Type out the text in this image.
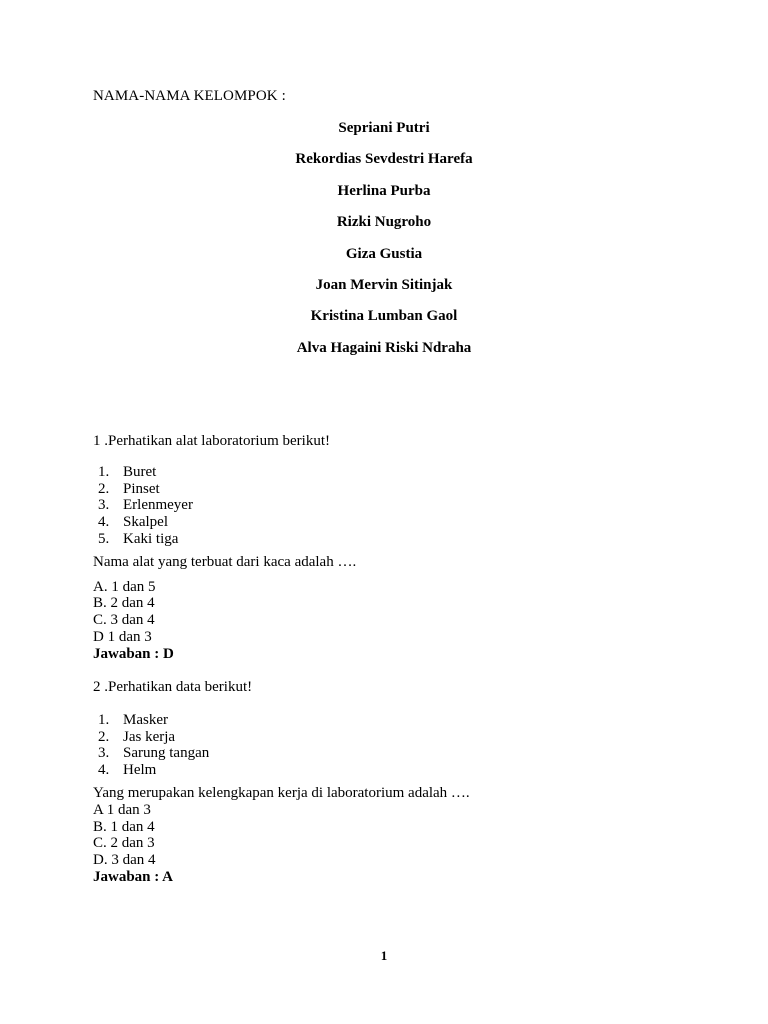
NAMA-NAMA KELOMPOK :
Sepriani Putri
Rekordias Sevdestri Harefa
Herlina Purba
Rizki Nugroho
Giza Gustia
Joan Mervin Sitinjak
Kristina Lumban Gaol
Alva Hagaini Riski Ndraha
1 .Perhatikan alat laboratorium berikut!
1. Buret
2. Pinset
3. Erlenmeyer
4. Skalpel
5. Kaki tiga
Nama alat yang terbuat dari kaca adalah ….
A. 1 dan 5
B. 2 dan 4
C. 3 dan 4
D 1 dan 3
Jawaban : D
2 .Perhatikan data berikut!
1. Masker
2. Jas kerja
3. Sarung tangan
4. Helm
Yang merupakan kelengkapan kerja di laboratorium adalah ….
A 1 dan 3
B. 1 dan 4
C. 2 dan 3
D. 3 dan 4
Jawaban : A
1
